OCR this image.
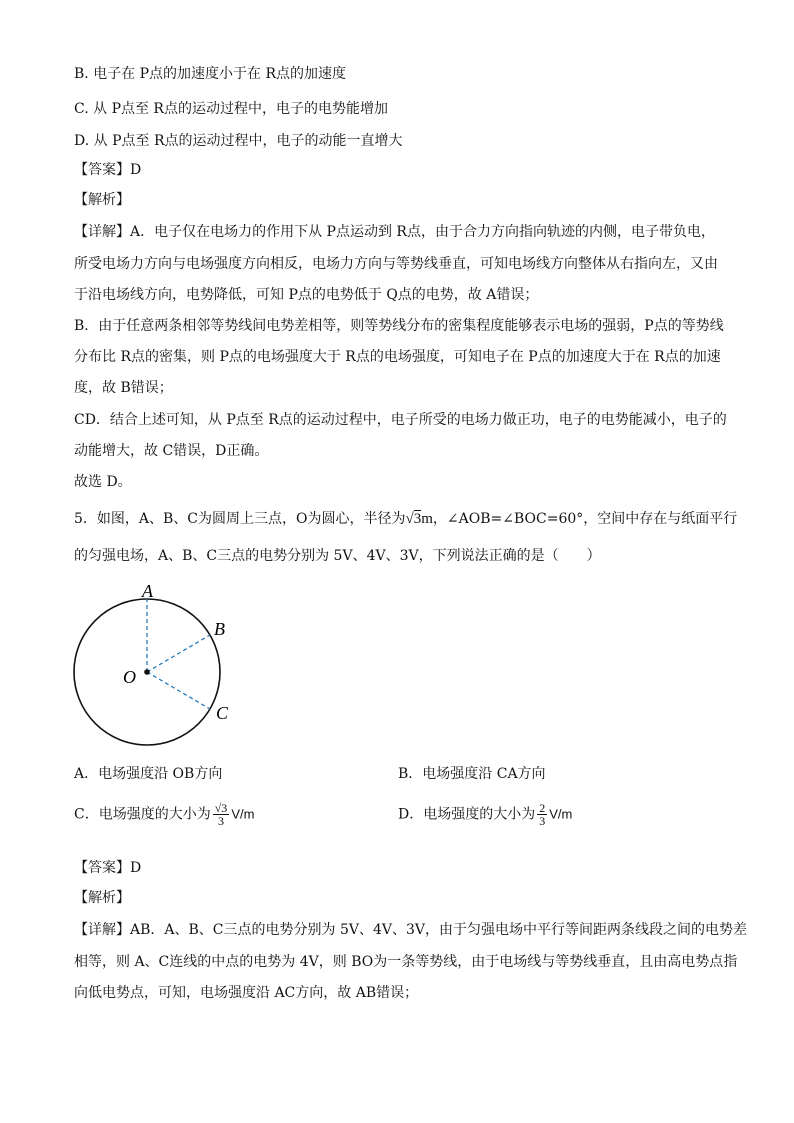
B. 电子在 P点的加速度小于在 R点的加速度
C. 从 P点至 R点的运动过程中，电子的电势能增加
D. 从 P点至 R点的运动过程中，电子的动能一直增大
【答案】D
【解析】
【详解】A．电子仅在电场力的作用下从 P点运动到 R点，由于合力方向指向轨迹的内侧，电子带负电，
所受电场力方向与电场强度方向相反，电场力方向与等势线垂直，可知电场线方向整体从右指向左，又由
于沿电场线方向，电势降低，可知 P点的电势低于 Q点的电势，故 A错误；
B．由于任意两条相邻等势线间电势差相等，则等势线分布的密集程度能够表示电场的强弱，P点的等势线
分布比 R点的密集，则 P点的电场强度大于 R点的电场强度，可知电子在 P点的加速度大于在 R点的加速
度，故 B错误；
CD．结合上述可知，从 P点至 R点的运动过程中，电子所受的电场力做正功，电子的电势能减小，电子的
动能增大，故 C错误，D正确。
故选 D。
5．如图，A、B、C为圆周上三点，O为圆心，半径为√3m，∠AOB=∠BOC=60°，空间中存在与纸面平行
的匀强电场，A、B、C三点的电势分别为 5V、4V、3V，下列说法正确的是（　　）
A
B
C
O
A．电场强度沿 OB方向	B．电场强度沿 CA方向
C．电场强度的大小为 $\frac{√3}{3} V/m$	D．电场强度的大小为 $\frac{2}{3} V/m$
【答案】D
【解析】
【详解】AB．A、B、C三点的电势分别为 5V、4V、3V，由于匀强电场中平行等间距两条线段之间的电势差
相等，则 A、C连线的中点的电势为 4V，则 BO为一条等势线，由于电场线与等势线垂直，且由高电势点指
向低电势点，可知，电场强度沿 AC方向，故 AB错误；
